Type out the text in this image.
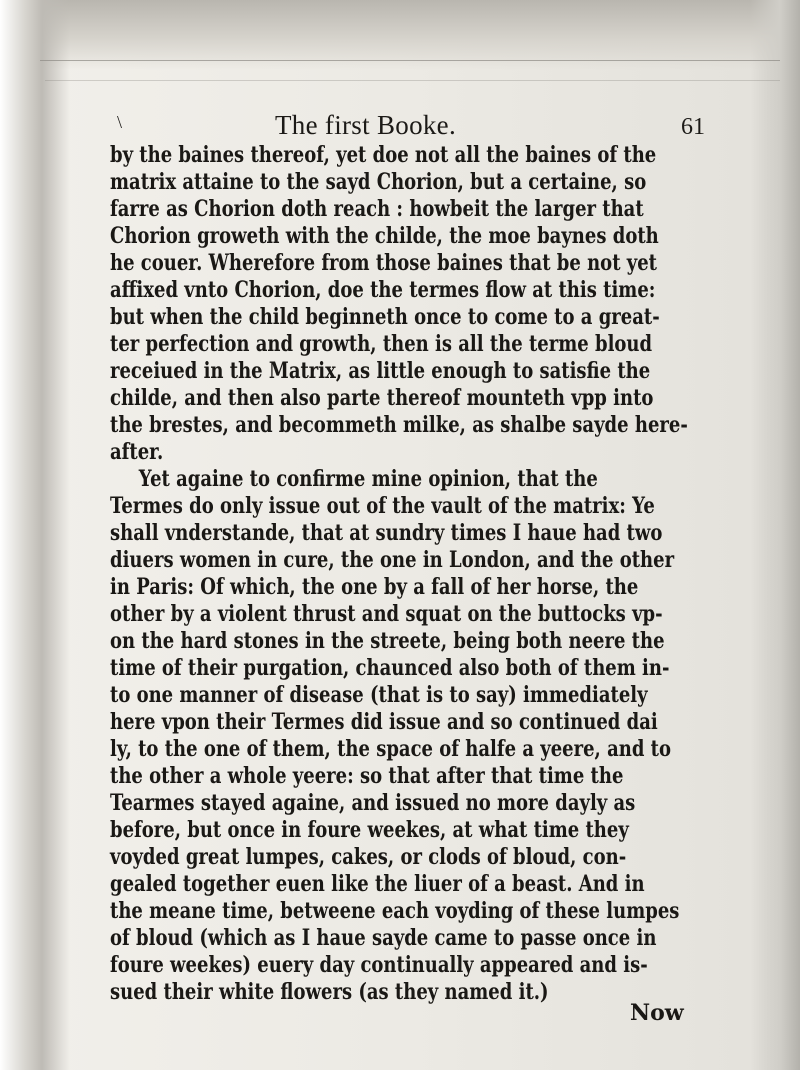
\	The first Booke.	61
by the baines thereof, yet doe not all the baines of the
matrix attaine to the sayd Chorion, but a certaine, so
farre as Chorion doth reach : howbeit the larger that
Chorion groweth with the childe, the moe baynes doth
he couer. Wherefore from those baines that be not yet
affixed vnto Chorion, doe the termes flow at this time:
but when the child beginneth once to come to a great-
ter perfection and growth, then is all the terme bloud
receiued in the Matrix, as little enough to satisfie the
childe, and then also parte thereof mounteth vpp into
the brestes, and becommeth milke, as shalbe sayde here-
after.
Yet againe to confirme mine opinion, that the
Termes do only issue out of the vault of the matrix: Ye
shall vnderstande, that at sundry times I haue had two
diuers women in cure, the one in London, and the other
in Paris: Of which, the one by a fall of her horse, the
other by a violent thrust and squat on the buttocks vp-
on the hard stones in the streete, being both neere the
time of their purgation, chaunced also both of them in-
to one manner of disease (that is to say) immediately
here vpon their Termes did issue and so continued dai
ly, to the one of them, the space of halfe a yeere, and to
the other a whole yeere: so that after that time the
Tearmes stayed againe, and issued no more dayly as
before, but once in foure weekes, at what time they
voyded great lumpes, cakes, or clods of bloud, con-
gealed together euen like the liuer of a beast. And in
the meane time, betweene each voyding of these lumpes
of bloud (which as I haue sayde came to passe once in
foure weekes) euery day continually appeared and is-
sued their white flowers (as they named it.)
Now
